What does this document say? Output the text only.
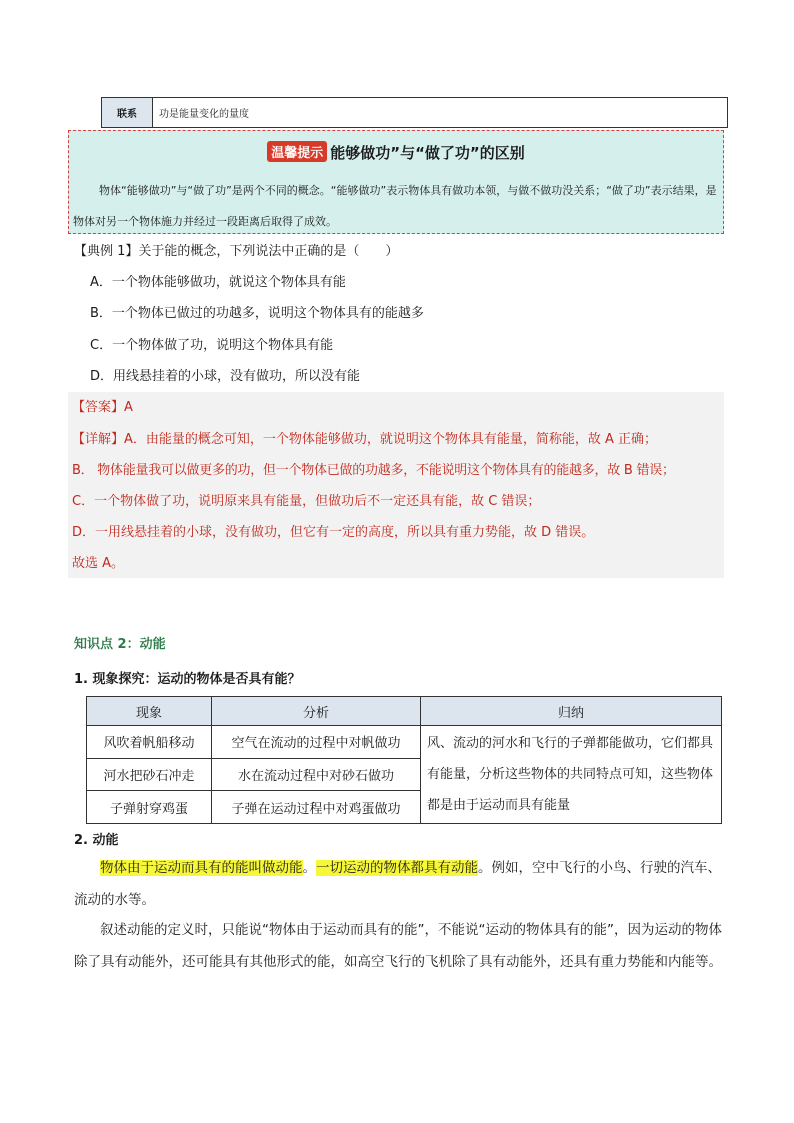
联系	功是能量变化的量度
温馨提示 能够做功”与“做了功”的区别
物体“能够做功”与“做了功”是两个不同的概念。“能够做功”表示物体具有做功本领，与做不做功没关系；“做了功”表示结果，是物体对另一个物体施力并经过一段距离后取得了成效。
【典例 1】关于能的概念，下列说法中正确的是（　　）
A．一个物体能够做功，就说这个物体具有能
B．一个物体已做过的功越多，说明这个物体具有的能越多
C．一个物体做了功，说明这个物体具有能
D．用线悬挂着的小球，没有做功，所以没有能
【答案】A
【详解】A．由能量的概念可知，一个物体能够做功，就说明这个物体具有能量，简称能，故 A 正确；
B． 物体能量我可以做更多的功，但一个物体已做的功越多，不能说明这个物体具有的能越多，故 B 错误；
C．一个物体做了功，说明原来具有能量，但做功后不一定还具有能，故 C 错误；
D．一用线悬挂着的小球，没有做功，但它有一定的高度，所以具有重力势能，故 D 错误。
故选 A。
知识点 2：动能
1. 现象探究：运动的物体是否具有能？
现象	分析	归纳
风吹着帆船移动	空气在流动的过程中对帆做功	风、流动的河水和飞行的子弹都能做功，它们都具有能量，分析这些物体的共同特点可知，这些物体都是由于运动而具有能量
河水把砂石冲走	水在流动过程中对砂石做功	
子弹射穿鸡蛋	子弹在运动过程中对鸡蛋做功	
2. 动能
物体由于运动而具有的能叫做动能。一切运动的物体都具有动能。例如，空中飞行的小鸟、行驶的汽车、流动的水等。
叙述动能的定义时，只能说“物体由于运动而具有的能”，不能说“运动的物体具有的能”，因为运动的物体除了具有动能外，还可能具有其他形式的能，如高空飞行的飞机除了具有动能外，还具有重力势能和内能等。
